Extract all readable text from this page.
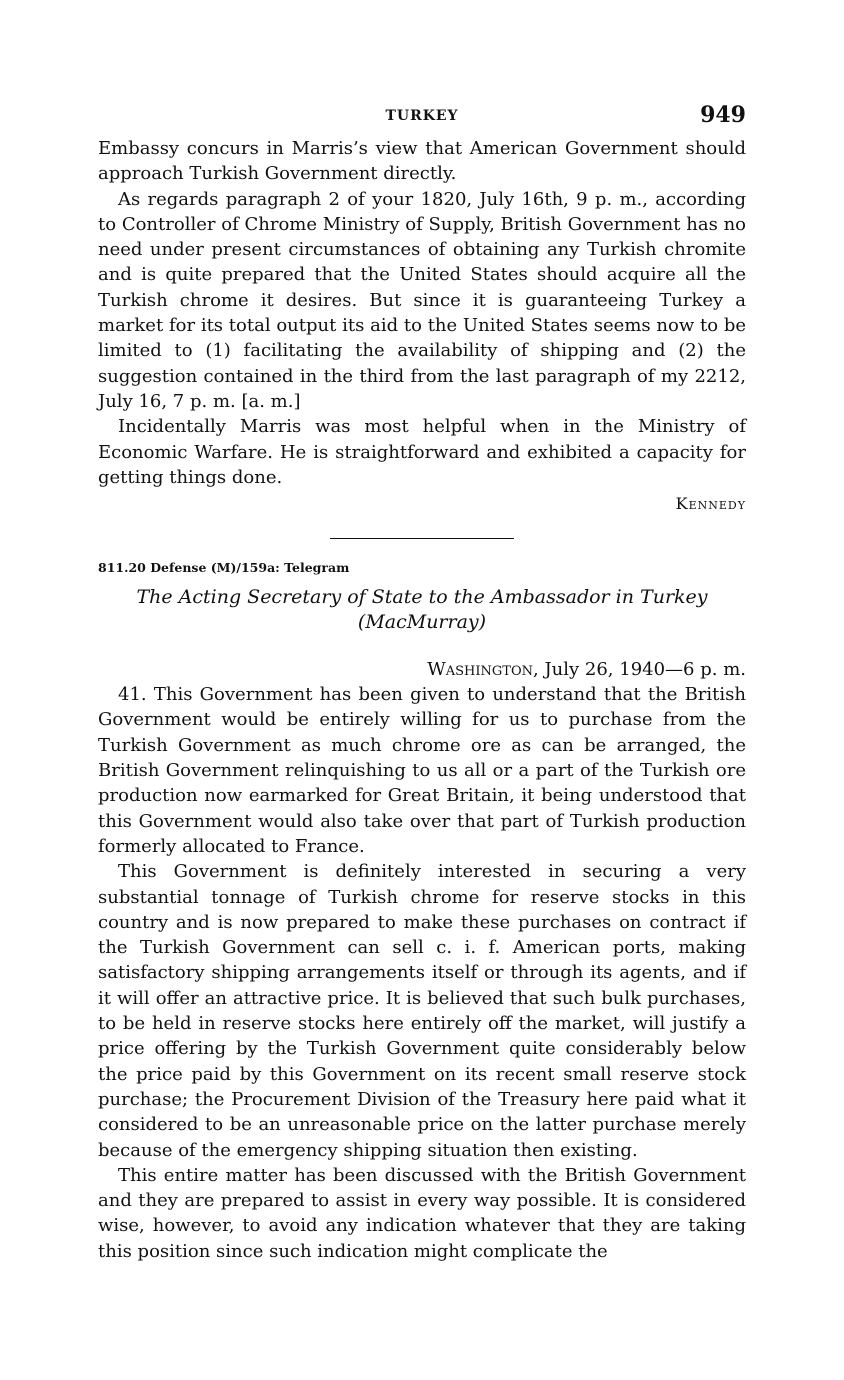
TURKEY	949

Embassy concurs in Marris’s view that American Government should approach Turkish Government directly.

As regards paragraph 2 of your 1820, July 16th, 9 p. m., according to Controller of Chrome Ministry of Supply, British Government has no need under present circumstances of obtaining any Turkish chromite and is quite prepared that the United States should acquire all the Turkish chrome it desires. But since it is guaranteeing Turkey a market for its total output its aid to the United States seems now to be limited to (1) facilitating the availability of shipping and (2) the suggestion contained in the third from the last paragraph of my 2212, July 16, 7 p. m. [a. m.]

Incidentally Marris was most helpful when in the Ministry of Economic Warfare. He is straightforward and exhibited a capacity for getting things done.

Kennedy
811.20 Defense (M)/159a: Telegram
The Acting Secretary of State to the Ambassador in Turkey (MacMurray)
Washington, July 26, 1940—6 p. m.

41. This Government has been given to understand that the British Government would be entirely willing for us to purchase from the Turkish Government as much chrome ore as can be arranged, the British Government relinquishing to us all or a part of the Turkish ore production now earmarked for Great Britain, it being understood that this Government would also take over that part of Turkish production formerly allocated to France.

This Government is definitely interested in securing a very substantial tonnage of Turkish chrome for reserve stocks in this country and is now prepared to make these purchases on contract if the Turkish Government can sell c. i. f. American ports, making satisfactory shipping arrangements itself or through its agents, and if it will offer an attractive price. It is believed that such bulk purchases, to be held in reserve stocks here entirely off the market, will justify a price offering by the Turkish Government quite considerably below the price paid by this Government on its recent small reserve stock purchase; the Procurement Division of the Treasury here paid what it considered to be an unreasonable price on the latter purchase merely because of the emergency shipping situation then existing.

This entire matter has been discussed with the British Government and they are prepared to assist in every way possible. It is considered wise, however, to avoid any indication whatever that they are taking this position since such indication might complicate the
